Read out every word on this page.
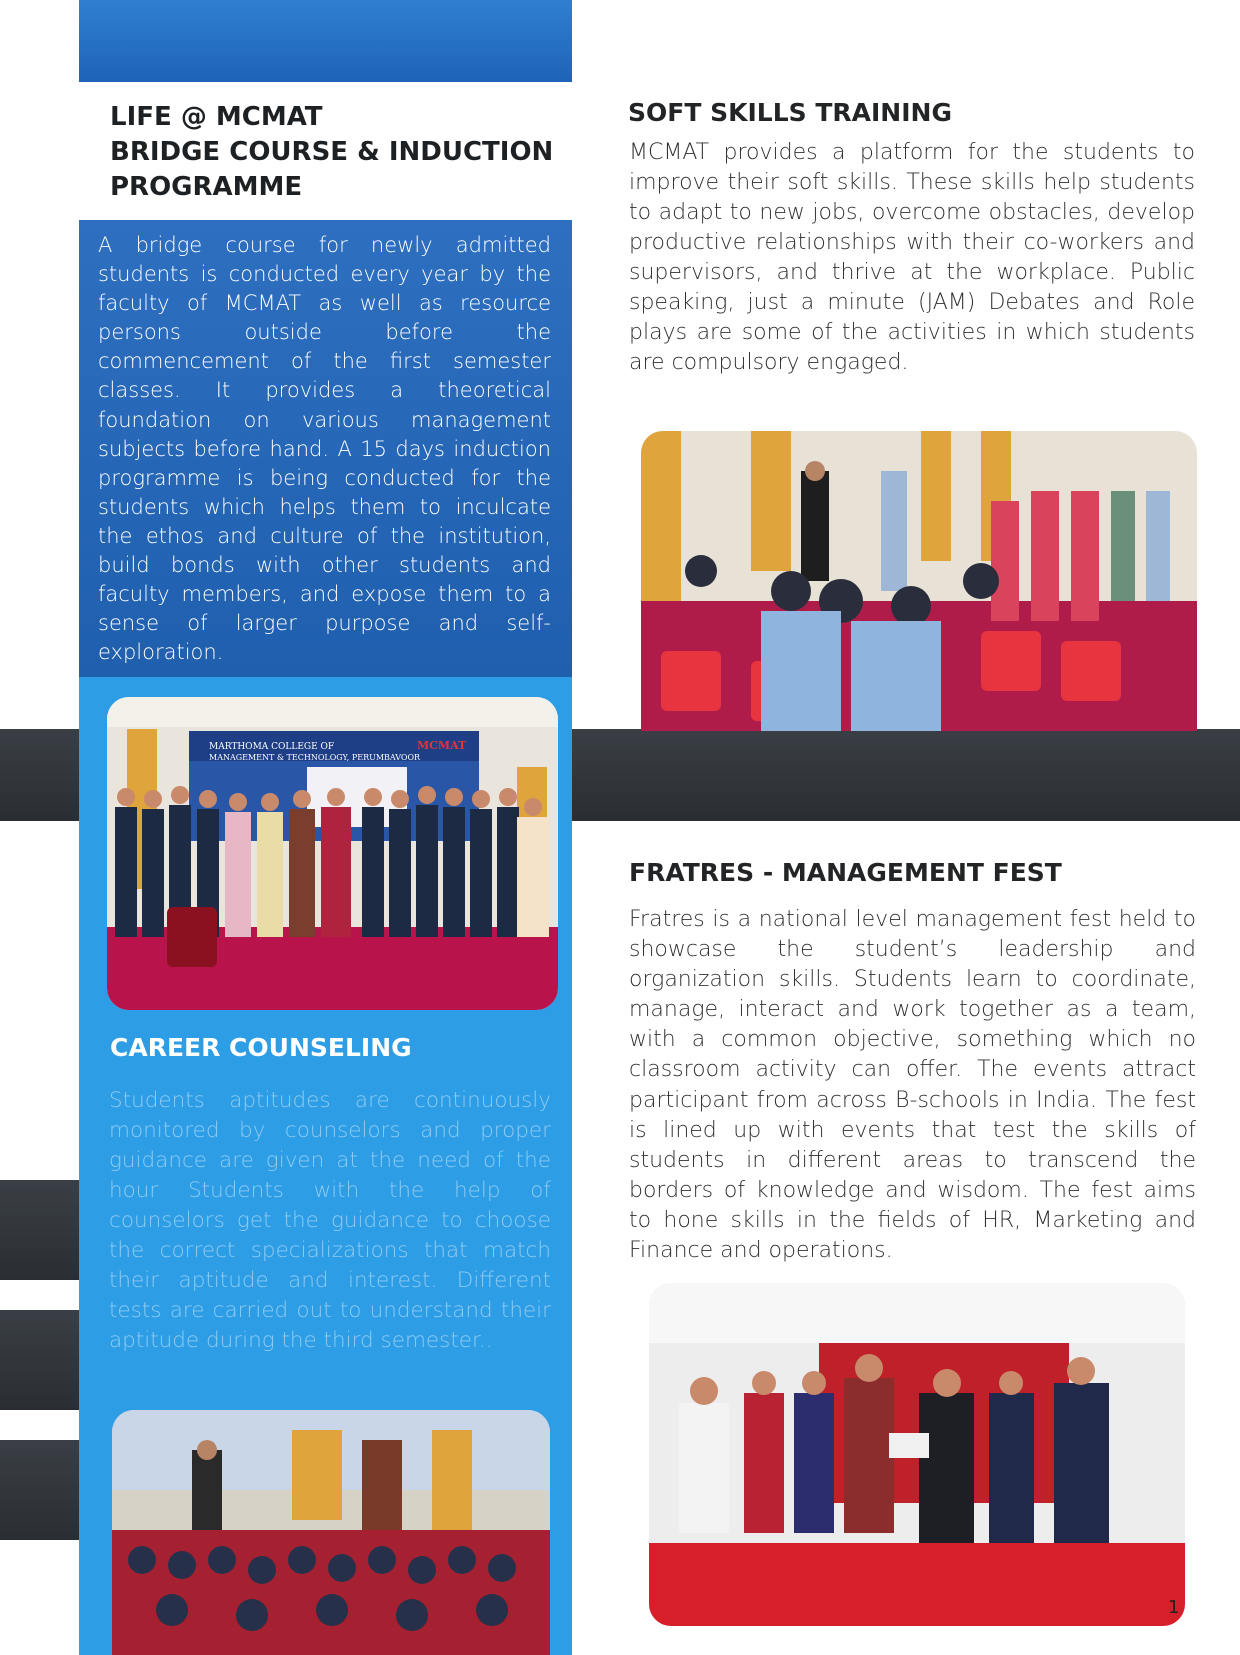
LIFE @ MCMAT
BRIDGE COURSE & INDUCTION
PROGRAMME
A bridge course for newly admitted students is conducted every year by the faculty of MCMAT as well as resource persons outside before the commencement of the first semester classes. It provides a theoretical foundation on various management subjects before hand. A 15 days induction programme is being conducted for the students which helps them to inculcate the ethos and culture of the institution, build bonds with other students and faculty members, and expose them to a sense of larger purpose and self-exploration.
MARTHOMA COLLEGE OF
MANAGEMENT & TECHNOLOGY, PERUMBAVOOR
MCMAT
CAREER COUNSELING
Students aptitudes are continuously monitored by counselors and proper guidance are given at the need of the hour Students with the help of counselors get the guidance to choose the correct specializations that match their aptitude and interest. Different tests are carried out to understand their aptitude during the third semester..
SOFT SKILLS TRAINING
MCMAT provides a platform for the students to improve their soft skills. These skills help students to adapt to new jobs, overcome obstacles, develop productive relationships with their co-workers and supervisors, and thrive at the workplace. Public speaking, just a minute (JAM) Debates and Role plays are some of the activities in which students are compulsory engaged.
FRATRES - MANAGEMENT FEST
Fratres is a national level management fest held to showcase the student’s leadership and organization skills. Students learn to coordinate, manage, interact and work together as a team, with a common objective, something which no classroom activity can offer. The events attract participant from across B-schools in India. The fest is lined up with events that test the skills of students in different areas to transcend the borders of knowledge and wisdom. The fest aims to hone skills in the fields of HR, Marketing and Finance and operations.
1
